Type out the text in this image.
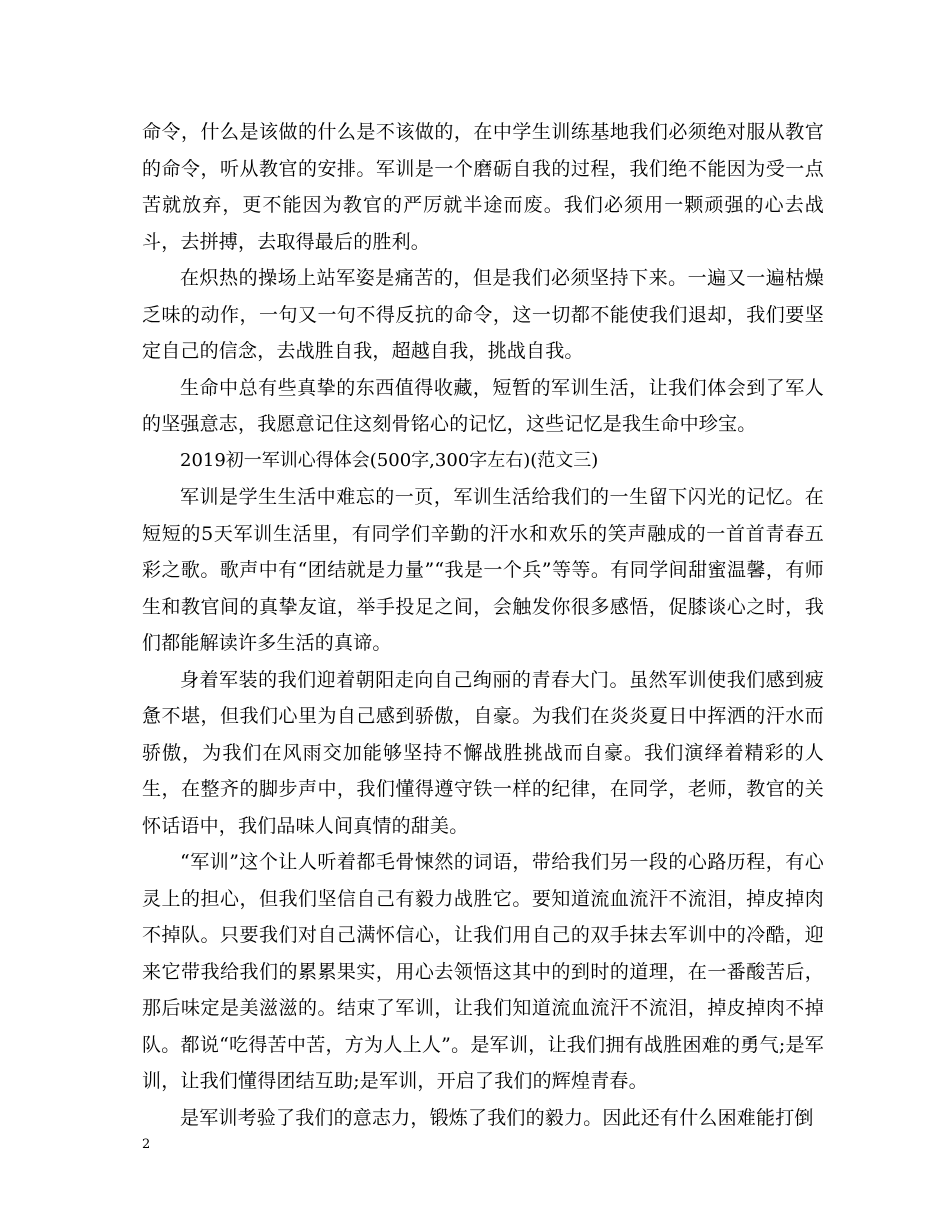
命令，什么是该做的什么是不该做的，在中学生训练基地我们必须绝对服从教官的命令，听从教官的安排。军训是一个磨砺自我的过程，我们绝不能因为受一点苦就放弃，更不能因为教官的严厉就半途而废。我们必须用一颗顽强的心去战斗，去拼搏，去取得最后的胜利。

在炽热的操场上站军姿是痛苦的，但是我们必须坚持下来。一遍又一遍枯燥乏味的动作，一句又一句不得反抗的命令，这一切都不能使我们退却，我们要坚定自己的信念，去战胜自我，超越自我，挑战自我。

生命中总有些真挚的东西值得收藏，短暂的军训生活，让我们体会到了军人的坚强意志，我愿意记住这刻骨铭心的记忆，这些记忆是我生命中珍宝。

2019初一军训心得体会(500字,300字左右)(范文三)

军训是学生生活中难忘的一页，军训生活给我们的一生留下闪光的记忆。在短短的5天军训生活里，有同学们辛勤的汗水和欢乐的笑声融成的一首首青春五彩之歌。歌声中有“团结就是力量”“我是一个兵”等等。有同学间甜蜜温馨，有师生和教官间的真挚友谊，举手投足之间，会触发你很多感悟，促膝谈心之时，我们都能解读许多生活的真谛。

身着军装的我们迎着朝阳走向自己绚丽的青春大门。虽然军训使我们感到疲惫不堪，但我们心里为自己感到骄傲，自豪。为我们在炎炎夏日中挥洒的汗水而骄傲，为我们在风雨交加能够坚持不懈战胜挑战而自豪。我们演绎着精彩的人生，在整齐的脚步声中，我们懂得遵守铁一样的纪律，在同学，老师，教官的关怀话语中，我们品味人间真情的甜美。

“军训”这个让人听着都毛骨悚然的词语，带给我们另一段的心路历程，有心灵上的担心，但我们坚信自己有毅力战胜它。要知道流血流汗不流泪，掉皮掉肉不掉队。只要我们对自己满怀信心，让我们用自己的双手抹去军训中的冷酷，迎来它带我给我们的累累果实，用心去领悟这其中的到时的道理，在一番酸苦后，那后味定是美滋滋的。结束了军训，让我们知道流血流汗不流泪，掉皮掉肉不掉队。都说“吃得苦中苦，方为人上人”。是军训，让我们拥有战胜困难的勇气;是军训，让我们懂得团结互助;是军训，开启了我们的辉煌青春。

是军训考验了我们的意志力，锻炼了我们的毅力。因此还有什么困难能打倒

2
